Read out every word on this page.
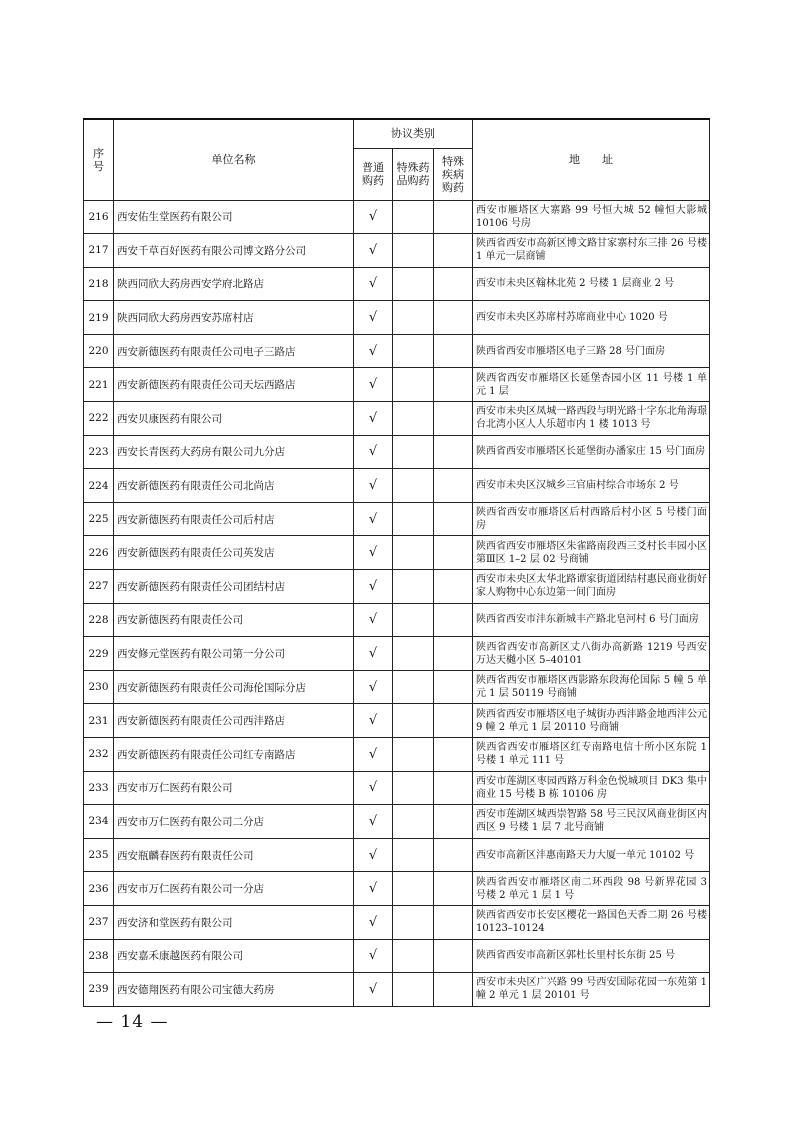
序号	单位名称	协议类别			地　　址
		普通购药	特殊药品购药	特殊疾病购药	
216	西安佑生堂医药有限公司	√			西安市雁塔区大寨路 99 号恒大城 52 幢恒大影城 10106 号房
217	西安千草百好医药有限公司博文路分公司	√			陕西省西安市高新区博文路甘家寨村东三排 26 号楼 1 单元一层商铺
218	陕西同欣大药房西安学府北路店	√			西安市未央区翰林北苑 2 号楼 1 层商业 2 号
219	陕西同欣大药房西安苏席村店	√			西安市未央区苏席村苏席商业中心 1020 号
220	西安新德医药有限责任公司电子三路店	√			陕西省西安市雁塔区电子三路 28 号门面房
221	西安新德医药有限责任公司天坛西路店	√			陕西省西安市雁塔区长延堡杏园小区 11 号楼 1 单元 1 层
222	西安贝康医药有限公司	√			西安市未央区凤城一路西段与明光路十字东北角海璟台北湾小区人人乐超市内 1 楼 1013 号
223	西安长青医药大药房有限公司九分店	√			陕西省西安市雁塔区长延堡街办潘家庄 15 号门面房
224	西安新德医药有限责任公司北尚店	√			西安市未央区汉城乡三官庙村综合市场东 2 号
225	西安新德医药有限责任公司后村店	√			陕西省西安市雁塔区后村西路后村小区 5 号楼门面房
226	西安新德医药有限责任公司英发店	√			陕西省西安市雁塔区朱雀路南段西三爻村长丰园小区第Ⅲ区 1–2 层 02 号商铺
227	西安新德医药有限责任公司团结村店	√			西安市未央区太华北路谭家街道团结村惠民商业街好家人购物中心东边第一间门面房
228	西安新德医药有限责任公司	√			陕西省西安市沣东新城丰产路北皂河村 6 号门面房
229	西安修元堂医药有限公司第一分公司	√			陕西省西安市高新区丈八街办高新路 1219 号西安万达天樾小区 5–40101
230	西安新德医药有限责任公司海伦国际分店	√			陕西省西安市雁塔区西影路东段海伦国际 5 幢 5 单元 1 层 50119 号商铺
231	西安新德医药有限责任公司西沣路店	√			陕西省西安市雁塔区电子城街办西沣路金地西沣公元 9 幢 2 单元 1 层 20110 号商铺
232	西安新德医药有限责任公司红专南路店	√			陕西省西安市雁塔区红专南路电信十所小区东院 1 号楼 1 单元 111 号
233	西安市万仁医药有限公司	√			西安市莲湖区枣园西路万科金色悦城项目 DK3 集中商业 15 号楼 B 栋 10106 房
234	西安市万仁医药有限公司二分店	√			西安市莲湖区城西崇智路 58 号三民汉风商业街区内西区 9 号楼 1 层 7 北号商铺
235	西安瓶麟春医药有限责任公司	√			西安市高新区沣惠南路天力大厦一单元 10102 号
236	西安市万仁医药有限公司一分店	√			陕西省西安市雁塔区南二环西段 98 号新界花园 3 号楼 2 单元 1 层 1 号
237	西安济和堂医药有限公司	√			陕西省西安市长安区樱花一路国色天香二期 26 号楼 10123–10124
238	西安嘉禾康越医药有限公司	√			陕西省西安市高新区郭杜长里村长东街 25 号
239	西安德翔医药有限公司宝德大药房	√			西安市未央区广兴路 99 号西安国际花园一东苑第 1 幢 2 单元 1 层 20101 号
— 14 —
